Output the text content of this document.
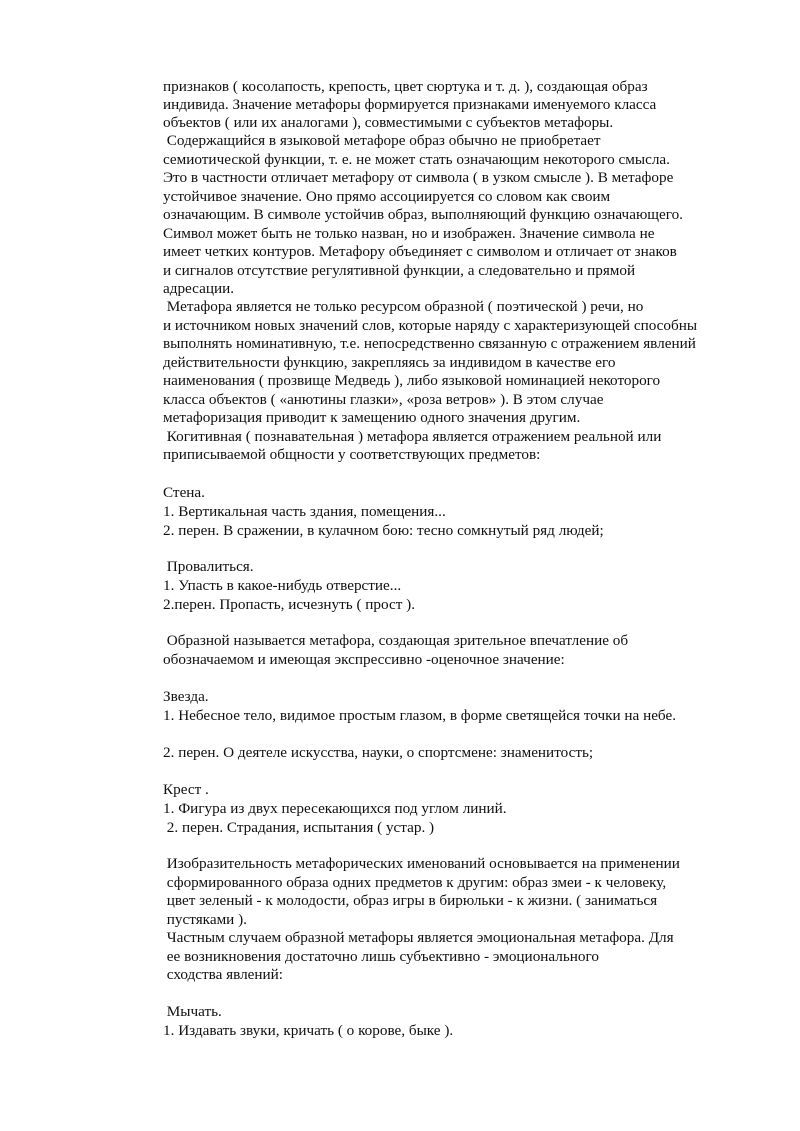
признаков ( косолапость, крепость, цвет сюртука и т. д. ), создающая образ
индивида. Значение метафоры формируется признаками именуемого класса
объектов ( или их аналогами ), совместимыми с субъектов метафоры.
Содержащийся в языковой метафоре образ обычно не приобретает
семиотической функции, т. е. не может стать означающим некоторого смысла.
Это в частности отличает метафору от символа ( в узком смысле ). В метафоре
устойчивое значение. Оно прямо ассоциируется со словом как своим
означающим. В символе устойчив образ, выполняющий функцию означающего.
Символ может быть не только назван, но и изображен. Значение символа не
имеет четких контуров. Метафору объединяет с символом и отличает от знаков
и сигналов отсутствие регулятивной функции, а следовательно и прямой
адресации.
Метафора является не только ресурсом образной ( поэтической ) речи, но
и источником новых значений слов, которые наряду с характеризующей способны
выполнять номинативную, т.е. непосредственно связанную с отражением явлений
действительности функцию, закрепляясь за индивидом в качестве его
наименования ( прозвище Медведь ), либо языковой номинацией некоторого
класса объектов ( «анютины глазки», «роза ветров» ). В этом случае
метафоризация приводит к замещению одного значения другим.
Когитивная ( познавательная ) метафора является отражением реальной или
приписываемой общности у соответствующих предметов:
Стена.
1. Вертикальная часть здания, помещения...
2. перен. В сражении, в кулачном бою: тесно сомкнутый ряд людей;
Провалиться.
1. Упасть в какое-нибудь отверстие...
2.перен. Пропасть, исчезнуть ( прост ).
Образной называется метафора, создающая зрительное впечатление об
обозначаемом и имеющая экспрессивно -оценочное значение:
Звезда.
1. Небесное тело, видимое простым глазом, в форме светящейся точки на небе.
2. перен. О деятеле искусства, науки, о спортсмене: знаменитость;
Крест .
1. Фигура из двух пересекающихся под углом линий.
2. перен. Страдания, испытания ( устар. )
Изобразительность метафорических именований основывается на применении
сформированного образа одних предметов к другим: образ змеи - к человеку,
цвет зеленый - к молодости, образ игры в бирюльки - к жизни. ( заниматься
пустяками ).
Частным случаем образной метафоры является эмоциональная метафора. Для
ее возникновения достаточно лишь субъективно - эмоционального
сходства явлений:
Мычать.
1. Издавать звуки, кричать ( о корове, быке ).
